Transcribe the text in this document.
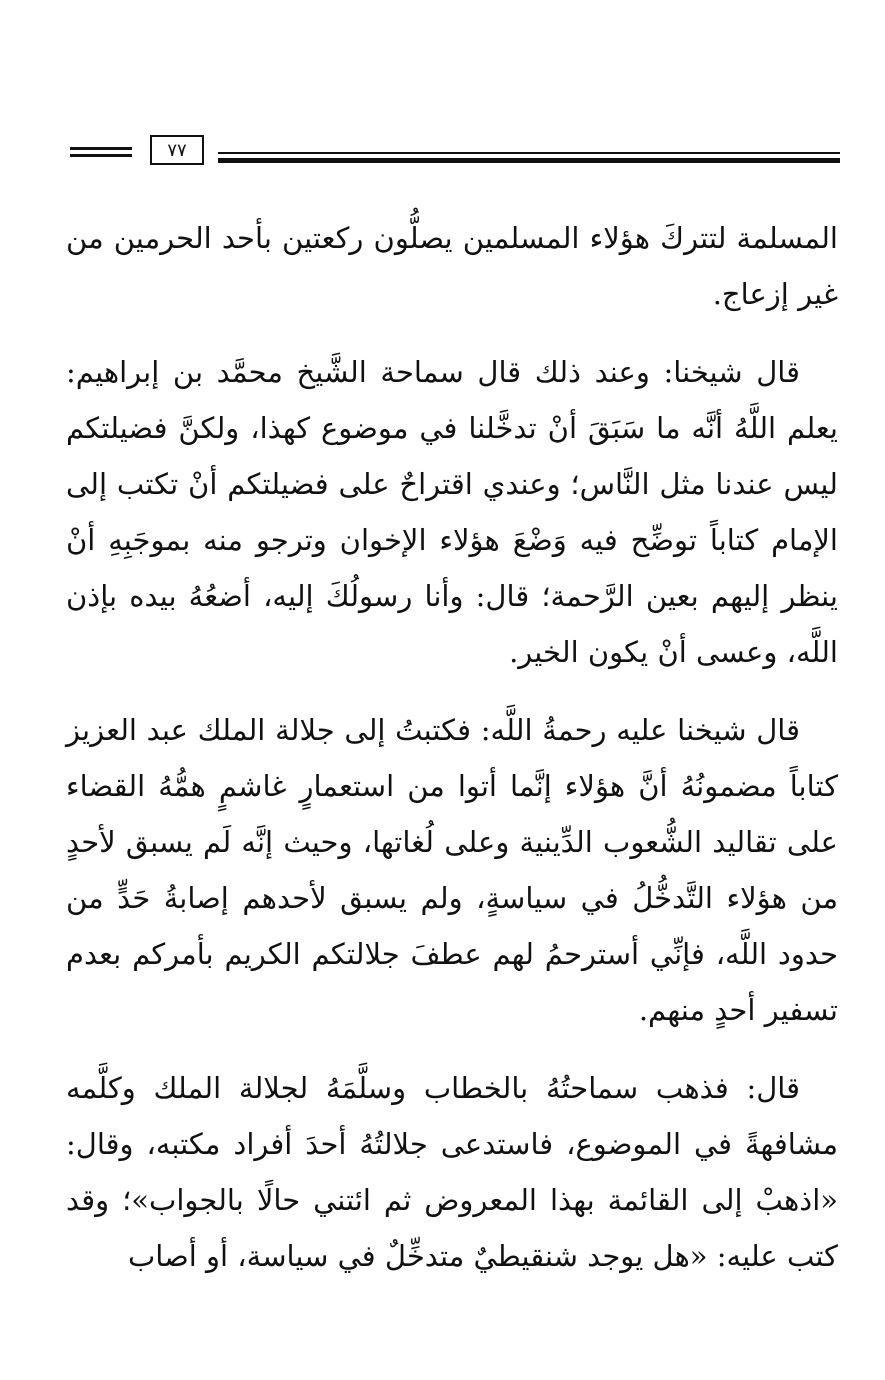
٧٧

المسلمة لتتركَ هؤلاء المسلمين يصلُّون ركعتين بأحد الحرمين من غير إزعاج.

قال شيخنا: وعند ذلك قال سماحة الشَّيخ محمَّد بن إبراهيم: يعلم اللَّهُ أنَّه ما سَبَقَ أنْ تدخَّلنا في موضوع كهذا، ولكنَّ فضيلتكم ليس عندنا مثل النَّاس؛ وعندي اقتراحٌ على فضيلتكم أنْ تكتب إلى الإمام كتاباً توضِّح فيه وَضْعَ هؤلاء الإخوان وترجو منه بموجَبِهِ أنْ ينظر إليهم بعين الرَّحمة؛ قال: وأنا رسولُكَ إليه، أضعُهُ بيده بإذن اللَّه، وعسى أنْ يكون الخير.

قال شيخنا عليه رحمةُ اللَّه: فكتبتُ إلى جلالة الملك عبد العزيز كتاباً مضمونُهُ أنَّ هؤلاء إنَّما أتوا من استعمارٍ غاشمٍ همُّهُ القضاء على تقاليد الشُّعوب الدِّينية وعلى لُغاتها، وحيث إنَّه لَم يسبق لأحدٍ من هؤلاء التَّدخُّلُ في سياسةٍ، ولم يسبق لأحدهم إصابةُ حَدٍّ من حدود اللَّه، فإنِّي أسترحمُ لهم عطفَ جلالتكم الكريم بأمركم بعدم تسفير أحدٍ منهم.

قال: فذهب سماحتُهُ بالخطاب وسلَّمَهُ لجلالة الملك وكلَّمه مشافهةً في الموضوع، فاستدعى جلالتُهُ أحدَ أفراد مكتبه، وقال: «اذهبْ إلى القائمة بهذا المعروض ثم ائتني حالًا بالجواب»؛ وقد كتب عليه: «هل يوجد شنقيطيٌ متدخِّلٌ في سياسة، أو أصاب
